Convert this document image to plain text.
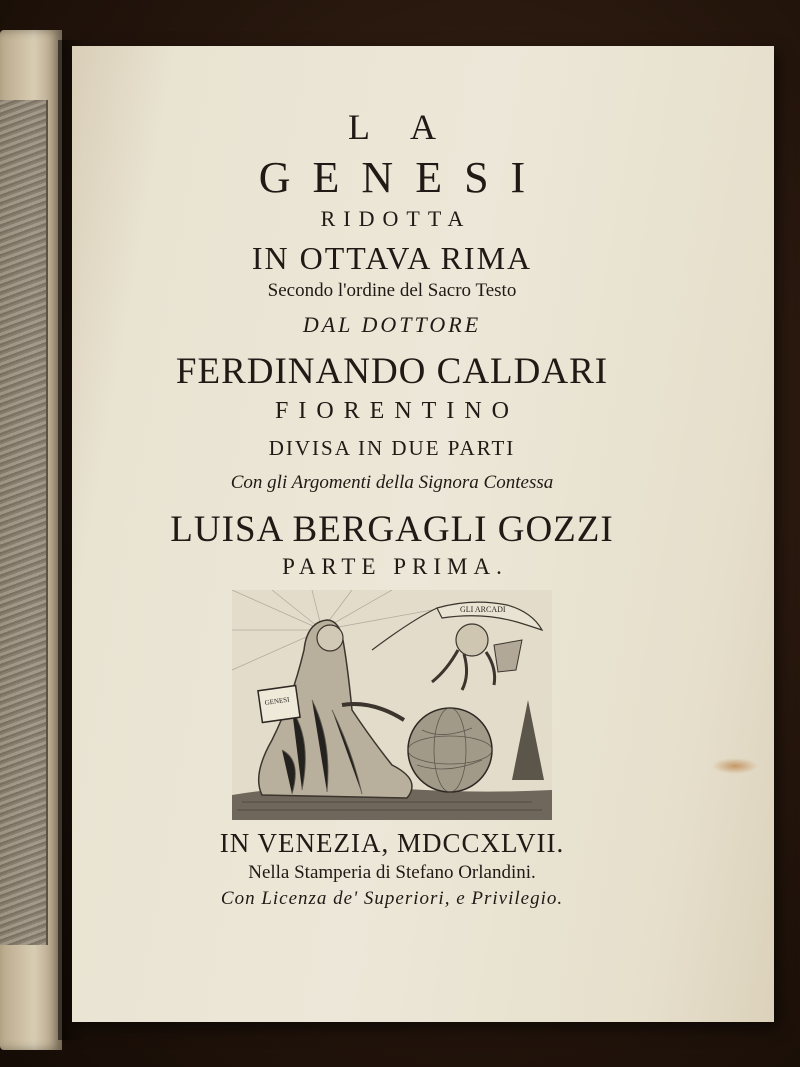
LA

GENESI

RIDOTTA

IN OTTAVA RIMA

Secondo l'ordine del Sacro Testo

DAL DOTTORE

FERDINANDO CALDARI

FIORENTINO

DIVISA IN DUE PARTI

Con gli Argomenti della Signora Contessa

LUISA BERGAGLI GOZZI

PARTE PRIMA.

GENESI
GLI ARCADI

IN VENEZIA, MDCCXLVII.

Nella Stamperia di Stefano Orlandini.

Con Licenza de' Superiori, e Privilegio.
